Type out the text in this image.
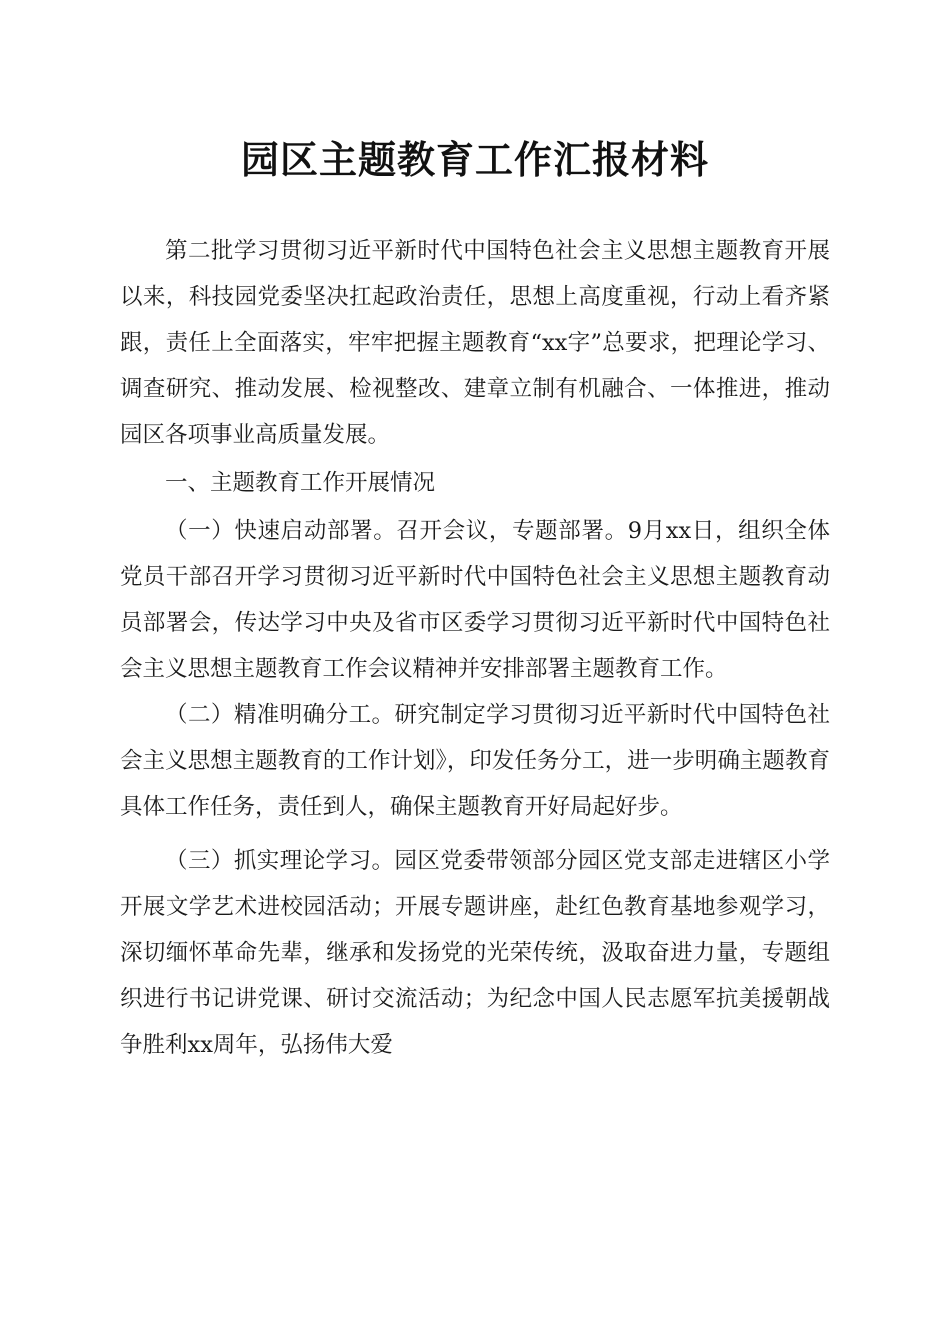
园区主题教育工作汇报材料

第二批学习贯彻习近平新时代中国特色社会主义思想主题教育开展以来，科技园党委坚决扛起政治责任，思想上高度重视，行动上看齐紧跟，责任上全面落实，牢牢把握主题教育“xx字”总要求，把理论学习、调查研究、推动发展、检视整改、建章立制有机融合、一体推进，推动园区各项事业高质量发展。

一、主题教育工作开展情况

（一）快速启动部署。召开会议，专题部署。9月xx日，组织全体党员干部召开学习贯彻习近平新时代中国特色社会主义思想主题教育动员部署会，传达学习中央及省市区委学习贯彻习近平新时代中国特色社会主义思想主题教育工作会议精神并安排部署主题教育工作。

（二）精准明确分工。研究制定学习贯彻习近平新时代中国特色社会主义思想主题教育的工作计划》，印发任务分工，进一步明确主题教育具体工作任务，责任到人，确保主题教育开好局起好步。

（三）抓实理论学习。园区党委带领部分园区党支部走进辖区小学开展文学艺术进校园活动；开展专题讲座，赴红色教育基地参观学习，深切缅怀革命先辈，继承和发扬党的光荣传统，汲取奋进力量，专题组织进行书记讲党课、研讨交流活动；为纪念中国人民志愿军抗美援朝战争胜利xx周年，弘扬伟大爱
